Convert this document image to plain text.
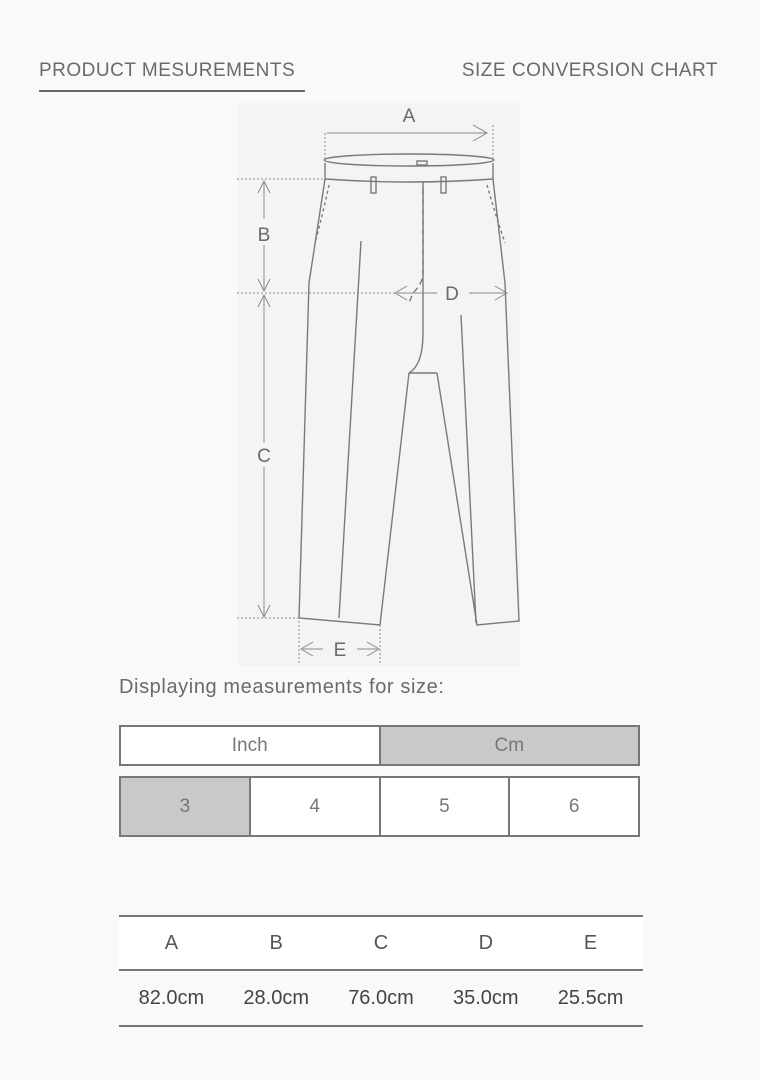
PRODUCT MESUREMENTS	SIZE CONVERSION CHART
A
B
C
D
E
Displaying measurements for size:
Inch	Cm
3	4	5	6
A	B	C	D	E
82.0cm	28.0cm	76.0cm	35.0cm	25.5cm
